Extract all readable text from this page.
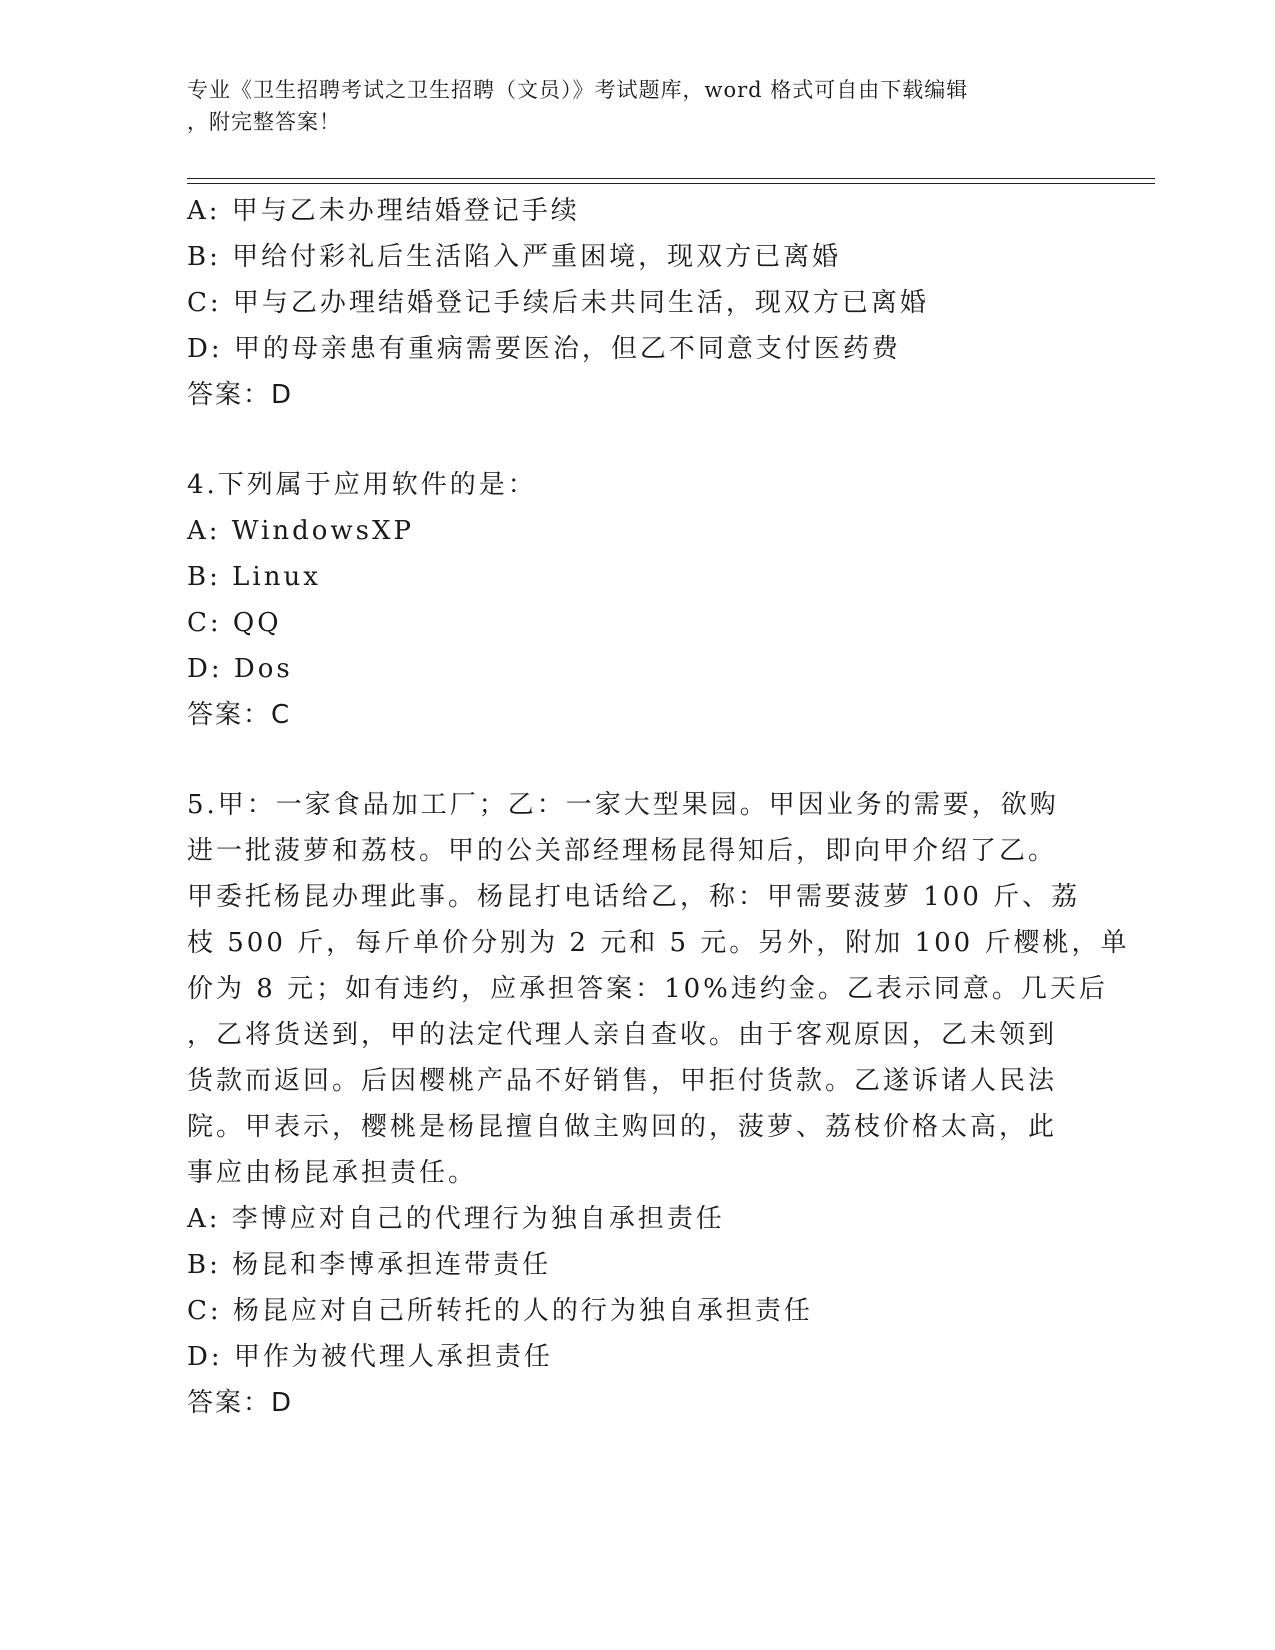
专业《卫生招聘考试之卫生招聘（文员）》考试题库，word 格式可自由下载编辑
，附完整答案！
A: 甲与乙未办理结婚登记手续
B: 甲给付彩礼后生活陷入严重困境，现双方已离婚
C: 甲与乙办理结婚登记手续后未共同生活，现双方已离婚
D: 甲的母亲患有重病需要医治，但乙不同意支付医药费
答案：D
4.下列属于应用软件的是：
A: WindowsXP
B: Linux
C: QQ
D: Dos
答案：C
5.甲：一家食品加工厂；乙：一家大型果园。甲因业务的需要，欲购
进一批菠萝和荔枝。甲的公关部经理杨昆得知后，即向甲介绍了乙。
甲委托杨昆办理此事。杨昆打电话给乙，称：甲需要菠萝 100 斤、荔
枝 500 斤，每斤单价分别为 2 元和 5 元。另外，附加 100 斤樱桃，单
价为 8 元；如有违约，应承担答案：10%违约金。乙表示同意。几天后
，乙将货送到，甲的法定代理人亲自查收。由于客观原因，乙未领到
货款而返回。后因樱桃产品不好销售，甲拒付货款。乙遂诉诸人民法
院。甲表示，樱桃是杨昆擅自做主购回的，菠萝、荔枝价格太高，此
事应由杨昆承担责任。
A: 李博应对自己的代理行为独自承担责任
B: 杨昆和李博承担连带责任
C: 杨昆应对自己所转托的人的行为独自承担责任
D: 甲作为被代理人承担责任
答案：D
